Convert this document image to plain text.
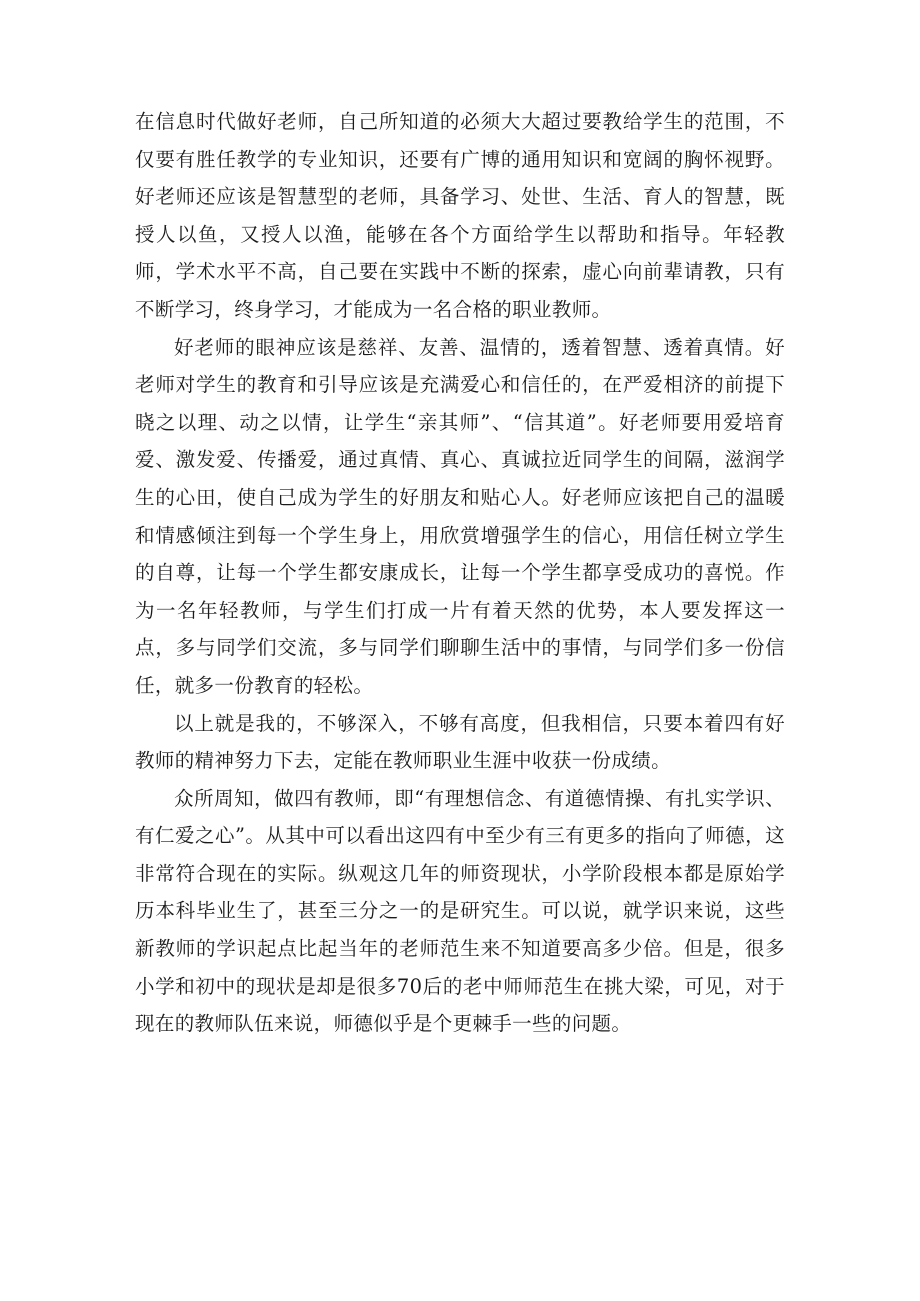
在信息时代做好老师，自己所知道的必须大大超过要教给学生的范围，不仅要有胜任教学的专业知识，还要有广博的通用知识和宽阔的胸怀视野。好老师还应该是智慧型的老师，具备学习、处世、生活、育人的智慧，既授人以鱼，又授人以渔，能够在各个方面给学生以帮助和指导。年轻教师，学术水平不高，自己要在实践中不断的探索，虚心向前辈请教，只有不断学习，终身学习，才能成为一名合格的职业教师。

好老师的眼神应该是慈祥、友善、温情的，透着智慧、透着真情。好老师对学生的教育和引导应该是充满爱心和信任的，在严爱相济的前提下晓之以理、动之以情，让学生“亲其师”、“信其道”。好老师要用爱培育爱、激发爱、传播爱，通过真情、真心、真诚拉近同学生的间隔，滋润学生的心田，使自己成为学生的好朋友和贴心人。好老师应该把自己的温暖和情感倾注到每一个学生身上，用欣赏增强学生的信心，用信任树立学生的自尊，让每一个学生都安康成长，让每一个学生都享受成功的喜悦。作为一名年轻教师，与学生们打成一片有着天然的优势，本人要发挥这一点，多与同学们交流，多与同学们聊聊生活中的事情，与同学们多一份信任，就多一份教育的轻松。

以上就是我的，不够深入，不够有高度，但我相信，只要本着四有好教师的精神努力下去，定能在教师职业生涯中收获一份成绩。

众所周知，做四有教师，即“有理想信念、有道德情操、有扎实学识、有仁爱之心”。从其中可以看出这四有中至少有三有更多的指向了师德，这非常符合现在的实际。纵观这几年的师资现状，小学阶段根本都是原始学历本科毕业生了，甚至三分之一的是研究生。可以说，就学识来说，这些新教师的学识起点比起当年的老师范生来不知道要高多少倍。但是，很多小学和初中的现状是却是很多70后的老中师师范生在挑大梁，可见，对于现在的教师队伍来说，师德似乎是个更棘手一些的问题。
